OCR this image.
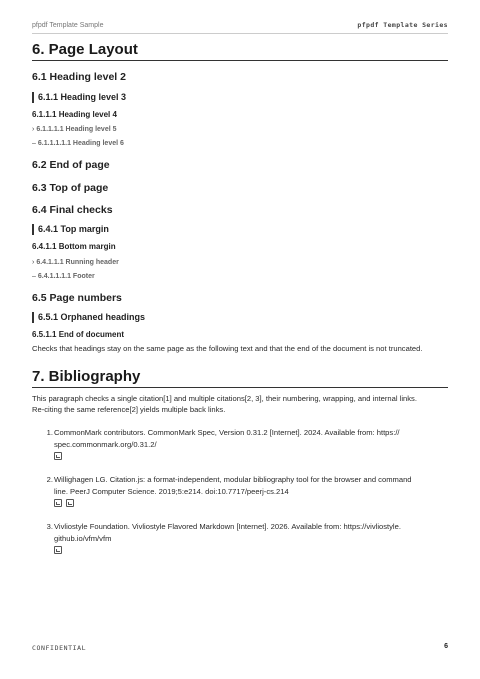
pfpdf Template Sample	pfpdf Template Series
6. Page Layout
6.1 Heading level 2
6.1.1 Heading level 3
6.1.1.1 Heading level 4
› 6.1.1.1.1 Heading level 5
– 6.1.1.1.1.1 Heading level 6
6.2 End of page
6.3 Top of page
6.4 Final checks
6.4.1 Top margin
6.4.1.1 Bottom margin
› 6.4.1.1.1 Running header
– 6.4.1.1.1.1 Footer
6.5 Page numbers
6.5.1 Orphaned headings
6.5.1.1 End of document

Checks that headings stay on the same page as the following text and that the end of the document is not truncated.

7. Bibliography

This paragraph checks a single citation[1] and multiple citations[2, 3], their numbering, wrapping, and internal links.

Re-citing the same reference[2] yields multiple back links.

1. CommonMark contributors. CommonMark Spec, Version 0.31.2 [Internet]. 2024. Available from: https://
spec.commonmark.org/0.31.2/
2. Willighagen LG. Citation.js: a format-independent, modular bibliography tool for the browser and command
line. PeerJ Computer Science. 2019;5:e214. doi:10.7717/peerj-cs.214
3. Vivliostyle Foundation. Vivliostyle Flavored Markdown [Internet]. 2026. Available from: https://vivliostyle.
github.io/vfm/vfm
CONFIDENTIAL	6
